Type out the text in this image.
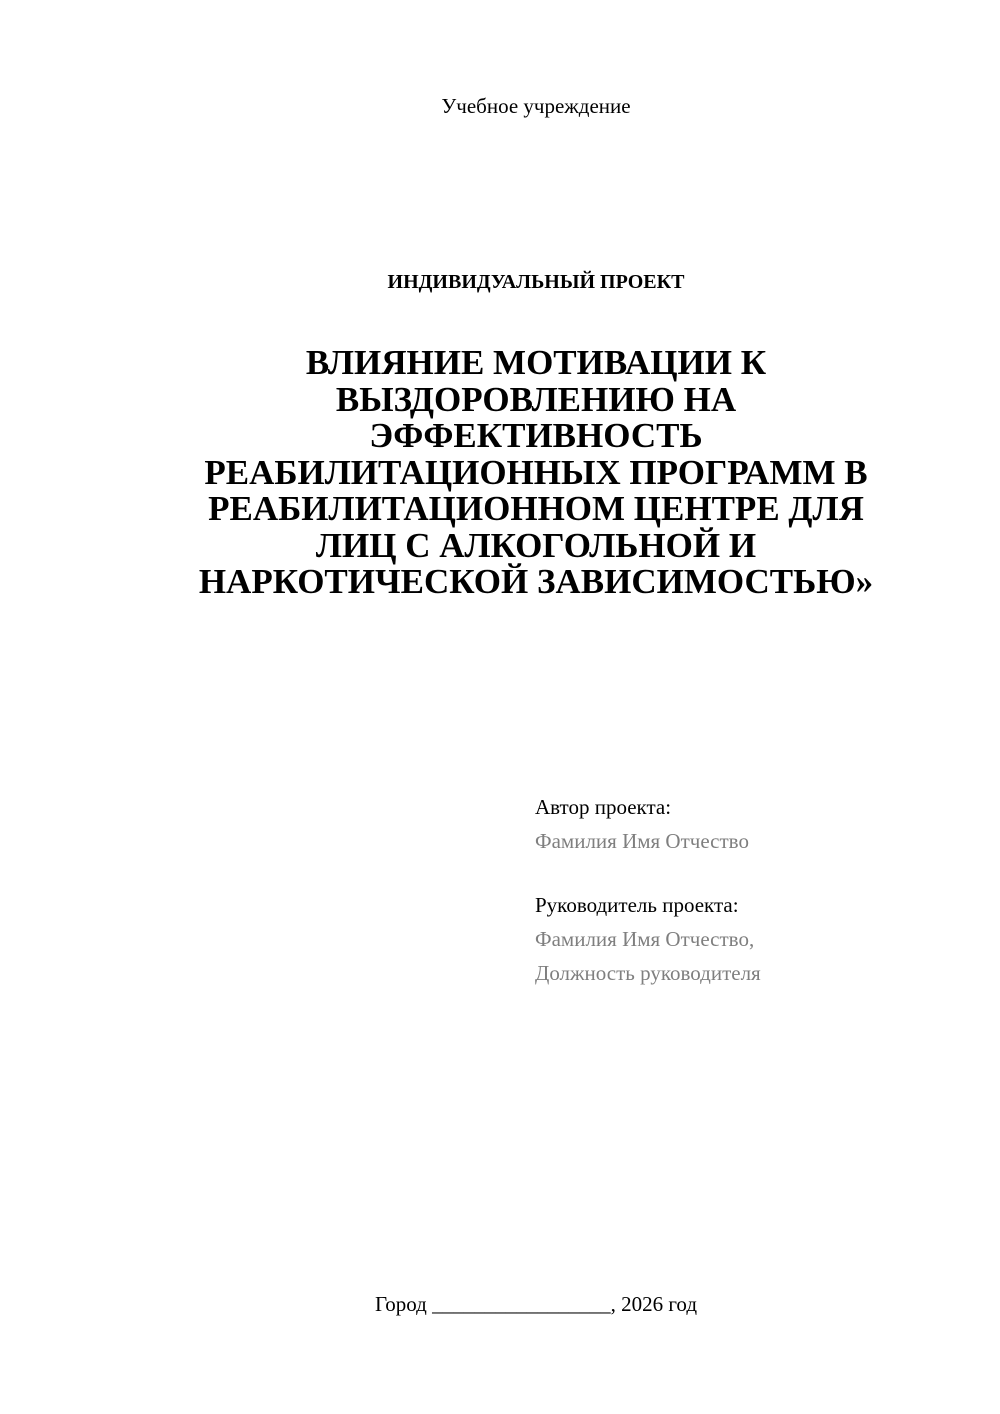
Учебное учреждение
ИНДИВИДУАЛЬНЫЙ ПРОЕКТ
ВЛИЯНИЕ МОТИВАЦИИ К
ВЫЗДОРОВЛЕНИЮ НА
ЭФФЕКТИВНОСТЬ
РЕАБИЛИТАЦИОННЫХ ПРОГРАММ В
РЕАБИЛИТАЦИОННОМ ЦЕНТРЕ ДЛЯ
ЛИЦ С АЛКОГОЛЬНОЙ И
НАРКОТИЧЕСКОЙ ЗАВИСИМОСТЬЮ»
Автор проекта:
Фамилия Имя Отчество
Руководитель проекта:
Фамилия Имя Отчество,
Должность руководителя
Город _________________, 2026 год
